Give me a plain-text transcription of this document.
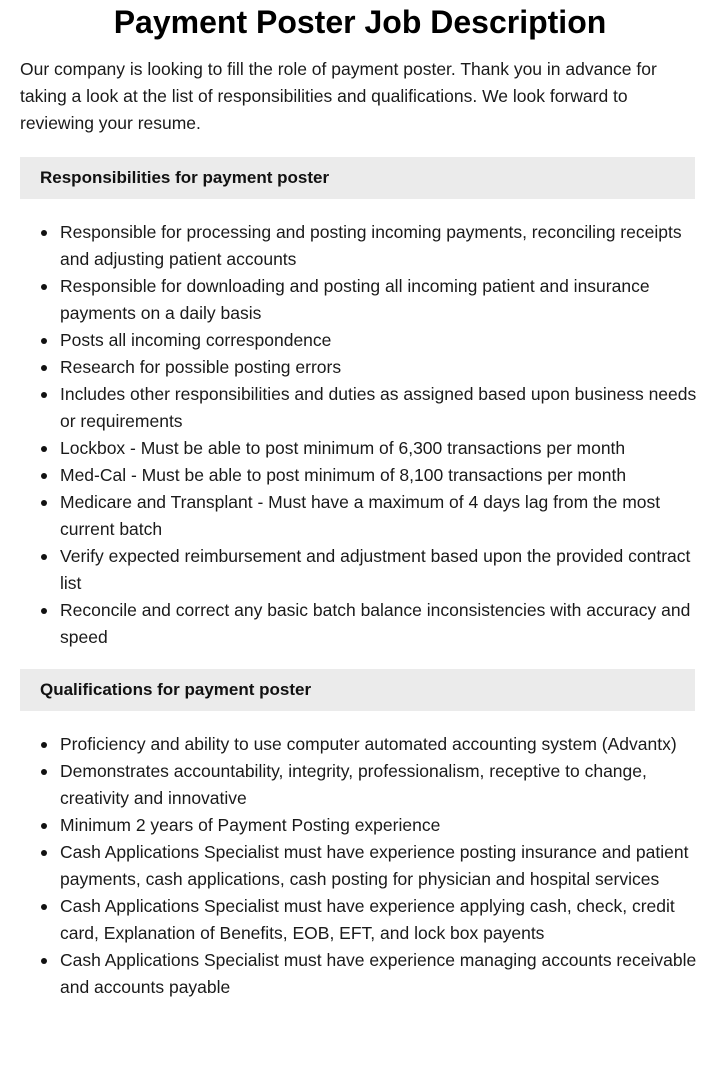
Payment Poster Job Description

Our company is looking to fill the role of payment poster. Thank you in advance for taking a look at the list of responsibilities and qualifications. We look forward to reviewing your resume.

Responsibilities for payment poster
Responsible for processing and posting incoming payments, reconciling receipts and adjusting patient accounts
Responsible for downloading and posting all incoming patient and insurance payments on a daily basis
Posts all incoming correspondence
Research for possible posting errors
Includes other responsibilities and duties as assigned based upon business needs or requirements
Lockbox - Must be able to post minimum of 6,300 transactions per month
Med-Cal - Must be able to post minimum of 8,100 transactions per month
Medicare and Transplant - Must have a maximum of 4 days lag from the most current batch
Verify expected reimbursement and adjustment based upon the provided contract list
Reconcile and correct any basic batch balance inconsistencies with accuracy and speed
Qualifications for payment poster
Proficiency and ability to use computer automated accounting system (Advantx)
Demonstrates accountability, integrity, professionalism, receptive to change, creativity and innovative
Minimum 2 years of Payment Posting experience
Cash Applications Specialist must have experience posting insurance and patient payments, cash applications, cash posting for physician and hospital services
Cash Applications Specialist must have experience applying cash, check, credit card, Explanation of Benefits, EOB, EFT, and lock box payents
Cash Applications Specialist must have experience managing accounts receivable and accounts payable
